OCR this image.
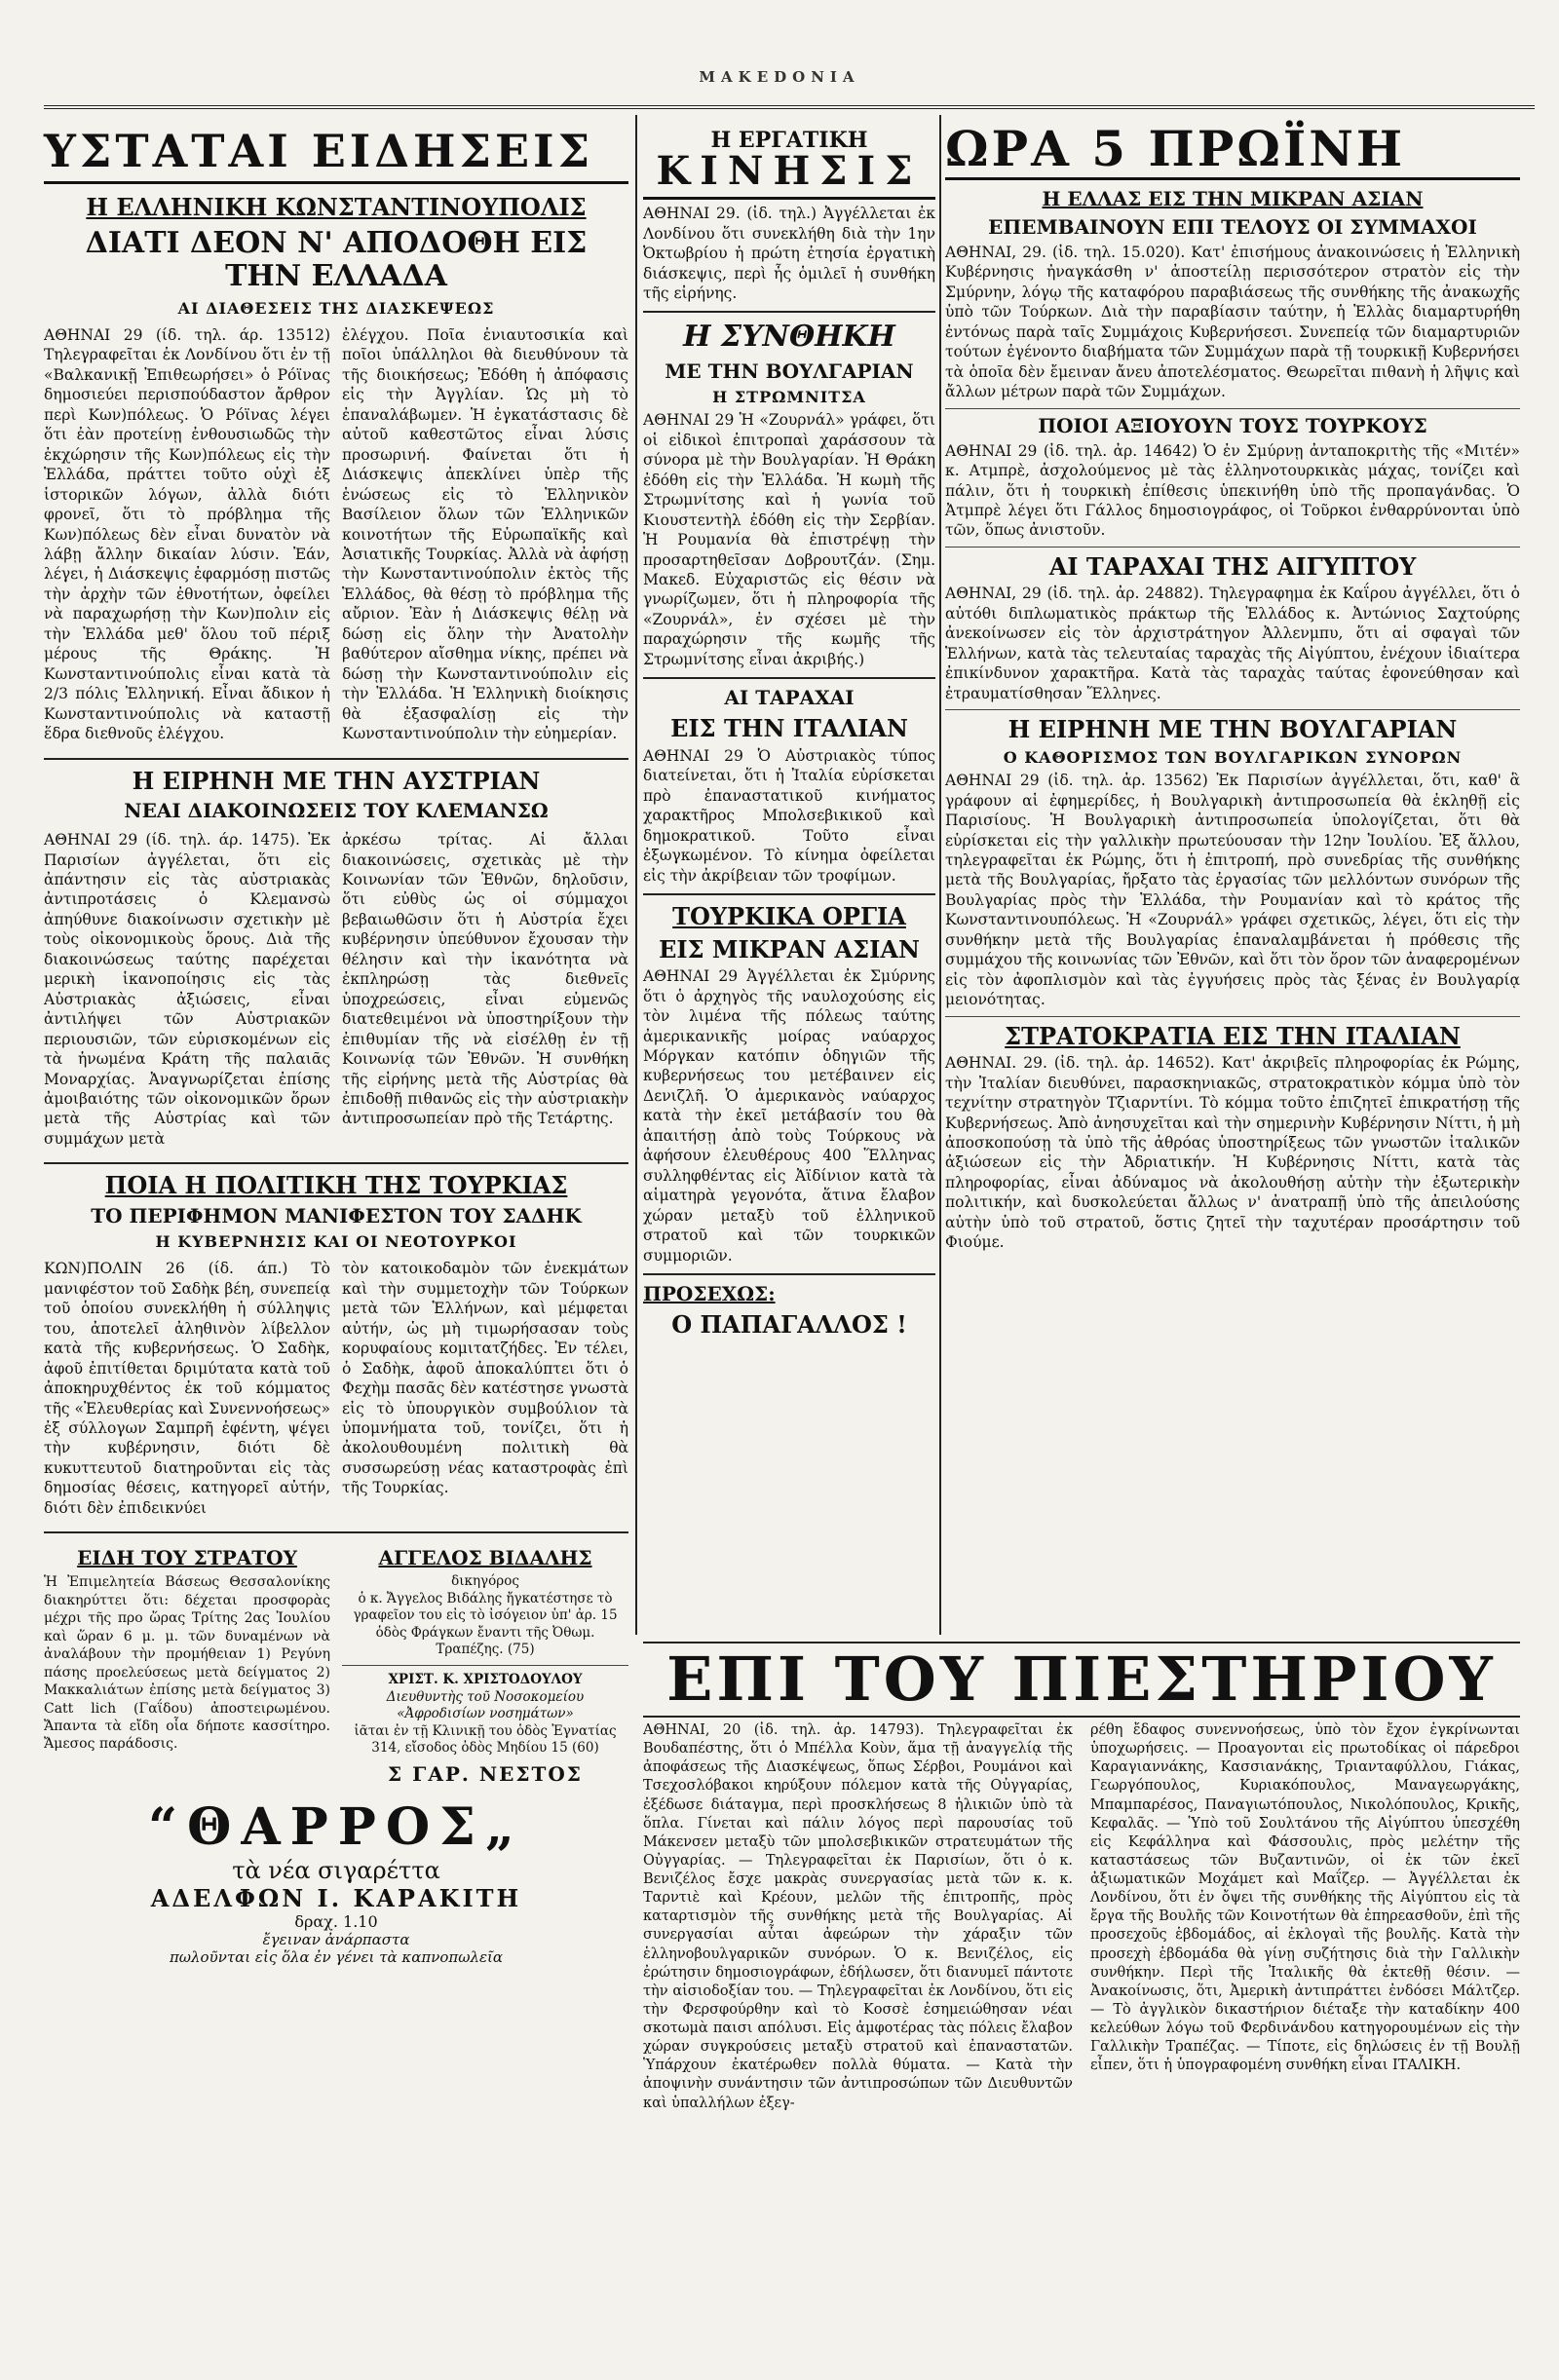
MAKEDONIA
ΥΣΤΑΤΑΙ ΕΙΔΗΣΕΙΣ
Η ΕΛΛΗΝΙΚΗ ΚΩΝΣΤΑΝΤΙΝΟΥΠΟΛΙΣ
ΔΙΑΤΙ ΔΕΟΝ Ν' ΑΠΟΔΟΘΗ ΕΙΣ ΤΗΝ ΕΛΛΑΔΑ
ΑΙ ΔΙΑΘΕΣΕΙΣ ΤΗΣ ΔΙΑΣΚΕΨΕΩΣ
ΑΘΗΝΑΙ 29 (ίδ. τηλ. άρ. 13512) Τηλεγραφεῖται ἐκ Λονδίνου ὅτι ἐν τῇ «Βαλκανικῇ Ἐπιθεωρήσει» ὁ Ρόϊνας δημοσιεύει περισπούδαστον ἄρθρον περὶ Κων)πόλεως. Ὁ Ρόϊνας λέγει ὅτι ἐὰν προτείνῃ ἐνθουσιωδῶς τὴν ἐκχώρησιν τῆς Κων)πόλεως εἰς τὴν Ἑλλάδα, πράττει τοῦτο οὐχὶ ἐξ ἱστορικῶν λόγων, ἀλλὰ διότι φρονεῖ, ὅτι τὸ πρόβλημα τῆς Κων)πόλεως δὲν εἶναι δυνατὸν νὰ λάβῃ ἄλλην δικαίαν λύσιν. Ἐάν, λέγει, ἡ Διάσκεψις ἐφαρμόσῃ πιστῶς τὴν ἀρχὴν τῶν ἐθνοτήτων, ὀφείλει νὰ παραχωρήσῃ τὴν Κων)πολιν εἰς τὴν Ἑλλάδα μεθ' ὅλου τοῦ πέριξ μέρους τῆς Θράκης. Ἡ Κωνσταντινούπολις εἶναι κατὰ τὰ 2/3 πόλις Ἑλληνική. Εἶναι ἄδικον ἡ Κωνσταντινούπολις νὰ καταστῇ ἕδρα διεθνοῦς ἐλέγχου.
ἐλέγχου. Ποῖα ἐνιαυτοσικία καὶ ποῖοι ὑπάλληλοι θὰ διευθύνουν τὰ τῆς διοικήσεως; Ἐδόθη ἡ ἀπόφασις εἰς τὴν Ἀγγλίαν. Ὡς μὴ τὸ ἐπαναλάβωμεν. Ἡ ἐγκατάστασις δὲ αὐτοῦ καθεστῶτος εἶναι λύσις προσωρινή. Φαίνεται ὅτι ἡ Διάσκεψις ἀπεκλίνει ὑπὲρ τῆς ἑνώσεως εἰς τὸ Ἑλληνικὸν Βασίλειον ὅλων τῶν Ἑλληνικῶν κοινοτήτων τῆς Εὐρωπαϊκῆς καὶ Ἀσιατικῆς Τουρκίας. Ἀλλὰ νὰ ἀφήσῃ τὴν Κωνσταντινούπολιν ἐκτὸς τῆς Ἑλλάδος, θὰ θέσῃ τὸ πρόβλημα τῆς αὔριον. Ἐὰν ἡ Διάσκεψις θέλῃ νὰ δώσῃ εἰς ὅλην τὴν Ἀνατολὴν βαθύτερον αἴσθημα νίκης, πρέπει νὰ δώσῃ τὴν Κωνσταντινούπολιν εἰς τὴν Ἑλλάδα. Ἡ Ἑλληνικὴ διοίκησις θὰ ἐξασφαλίσῃ εἰς τὴν Κωνσταντινούπολιν τὴν εὐημερίαν.
Η ΕΙΡΗΝΗ ΜΕ ΤΗΝ ΑΥΣΤΡΙΑΝ
ΝΕΑΙ ΔΙΑΚΟΙΝΩΣΕΙΣ ΤΟΥ ΚΛΕΜΑΝΣΩ
ΑΘΗΝΑΙ 29 (ίδ. τηλ. άρ. 1475). Ἐκ Παρισίων ἀγγέλεται, ὅτι εἰς ἀπάντησιν εἰς τὰς αὐστριακὰς ἀντιπροτάσεις ὁ Κλεμανσὼ ἀπηύθυνε διακοίνωσιν σχετικὴν μὲ τοὺς οἰκονομικοὺς ὅρους. Διὰ τῆς διακοινώσεως ταύτης παρέχεται μερικὴ ἱκανοποίησις εἰς τὰς Αὐστριακὰς ἀξιώσεις, εἶναι ἀντιλήψει τῶν Αὐστριακῶν περιουσιῶν, τῶν εὑρισκομένων εἰς τὰ ἡνωμένα Κράτη τῆς παλαιᾶς Μοναρχίας. Ἀναγνωρίζεται ἐπίσης ἀμοιβαιότης τῶν οἰκονομικῶν ὅρων μετὰ τῆς Αὐστρίας καὶ τῶν συμμάχων μετὰ
ἀρκέσω τρίτας. Αἱ ἄλλαι διακοινώσεις, σχετικὰς μὲ τὴν Κοινωνίαν τῶν Ἐθνῶν, δηλοῦσιν, ὅτι εὐθὺς ὡς οἱ σύμμαχοι βεβαιωθῶσιν ὅτι ἡ Αὐστρία ἔχει κυβέρνησιν ὑπεύθυνον ἔχουσαν τὴν θέλησιν καὶ τὴν ἱκανότητα νὰ ἐκπληρώσῃ τὰς διεθνεῖς ὑποχρεώσεις, εἶναι εὐμενῶς διατεθειμένοι νὰ ὑποστηρίξουν τὴν ἐπιθυμίαν τῆς νὰ εἰσέλθῃ ἐν τῇ Κοινωνίᾳ τῶν Ἐθνῶν. Ἡ συνθήκη τῆς εἰρήνης μετὰ τῆς Αὐστρίας θὰ ἐπιδοθῇ πιθανῶς εἰς τὴν αὐστριακὴν ἀντιπροσωπείαν πρὸ τῆς Τετάρτης.
ΠΟΙΑ Η ΠΟΛΙΤΙΚΗ ΤΗΣ ΤΟΥΡΚΙΑΣ
ΤΟ ΠΕΡΙΦΗΜΟΝ ΜΑΝΙΦΕΣΤΟΝ ΤΟΥ ΣΑΔΗΚ
Η ΚΥΒΕΡΝΗΣΙΣ ΚΑΙ ΟΙ ΝΕΟΤΟΥΡΚΟΙ
ΚΩΝ)ΠΟΛΙΝ 26 (ίδ. άπ.) Τὸ μανιφέστον τοῦ Σαδὴκ βέη, συνεπείᾳ τοῦ ὁποίου συνεκλήθη ἡ σύλληψις του, ἀποτελεῖ ἀληθινὸν λίβελλον κατὰ τῆς κυβερνήσεως. Ὁ Σαδὴκ, ἀφοῦ ἐπιτίθεται δριμύτατα κατὰ τοῦ ἀποκηρυχθέντος ἐκ τοῦ κόμματος τῆς «Ἐλευθερίας καὶ Συνεννοήσεως» ἐξ σύλλογων Σαμπρῆ ἐφέντη, ψέγει τὴν κυβέρνησιν, διότι δὲ κυκυττευτοῦ διατηροῦνται εἰς τὰς δημοσίας θέσεις, κατηγορεῖ αὐτήν, διότι δὲν ἐπιδεικνύει
τὸν κατοικοδαμὸν τῶν ἐνεκμάτων καὶ τὴν συμμετοχὴν τῶν Τούρκων μετὰ τῶν Ἑλλήνων, καὶ μέμφεται αὐτήν, ὡς μὴ τιμωρήσασαν τοὺς κορυφαίους κομιτατζήδες. Ἐν τέλει, ὁ Σαδὴκ, ἀφοῦ ἀποκαλύπτει ὅτι ὁ Φεχὴμ πασᾶς δὲν κατέστησε γνωστὰ εἰς τὸ ὑπουργικὸν συμβούλιον τὰ ὑπομνήματα τοῦ, τονίζει, ὅτι ἡ ἀκολουθουμένη πολιτικὴ θὰ συσσωρεύσῃ νέας καταστροφὰς ἐπὶ τῆς Τουρκίας.
ΕΙΔΗ ΤΟΥ ΣΤΡΑΤΟΥ
Ἡ Ἐπιμελητεία Βάσεως Θεσσαλονίκης διακηρύττει ὅτι: δέχεται προσφορὰς μέχρι τῆς προ ὥρας Τρίτης 2ας Ἰουλίου καὶ ὥραν 6 μ. μ. τῶν δυναμένων νὰ ἀναλάβουν τὴν προμήθειαν 1) Ρεγύνη πάσης προελεύσεως μετὰ δείγματος 2) Μακκαλιάτων ἐπίσης μετὰ δείγματος 3) Catt lich (Γαΐδου) ἀποστειρωμένου. Ἄπαντα τὰ εἴδη οἷα δήποτε κασσίτηρο. Ἄμεσος παράδοσις.
ΑΓΓΕΛΟΣ ΒΙΔΑΛΗΣ
δικηγόρος
ὁ κ. Ἄγγελος Βιδάλης ἤγκατέστησε τὸ γραφεῖον του εἰς τὸ ἰσόγειον ὑπ' ἀρ. 15 ὁδὸς Φράγκων ἔναντι τῆς Ὀθωμ. Τραπέζης. (75)
ΧΡΙΣΤ. Κ. ΧΡΙΣΤΟΔΟΥΛΟΥ
Διευθυντὴς τοῦ Νοσοκομείου «Ἀφροδισίων νοσημάτων»
ἰᾶται ἐν τῇ Κλινικῇ του ὁδὸς Ἐγνατίας 314, εἴσοδος ὁδὸς Μηδίου 15 (60)
Σ ΓΑΡ. ΝΕΣΤΟΣ
“ΘΑΡΡΟΣ„
τὰ νέα σιγαρέττα
ΑΔΕΛΦΩΝ Ι. ΚΑΡΑΚΙΤΗ
δραχ. 1.10
ἔγειναν ἀνάρπαστα
πωλοῦνται εἰς ὅλα ἐν γένει τὰ καπνοπωλεῖα
Η ΕΡΓΑΤΙΚΗ
ΚΙΝΗΣΙΣ
ΑΘΗΝΑΙ 29. (ἰδ. τηλ.) Ἀγγέλλεται ἐκ Λονδίνου ὅτι συνεκλήθη διὰ τὴν 1ην Ὀκτωβρίου ἡ πρώτη ἐτησία ἐργατικὴ διάσκεψις, περὶ ἧς ὁμιλεῖ ἡ συνθήκη τῆς εἰρήνης.
Η ΣΥΝΘΗΚΗ
ΜΕ ΤΗΝ ΒΟΥΛΓΑΡΙΑΝ
Η ΣΤΡΩΜΝΙΤΣΑ
ΑΘΗΝΑΙ 29 Ἡ «Ζουρνάλ» γράφει, ὅτι οἱ εἰδικοὶ ἐπιτροπαὶ χαράσσουν τὰ σύνορα μὲ τὴν Βουλγαρίαν. Ἡ Θράκη ἐδόθη εἰς τὴν Ἑλλάδα. Ἡ κωμὴ τῆς Στρωμνίτσης καὶ ἡ γωνία τοῦ Κιουστεντὴλ ἐδόθη εἰς τὴν Σερβίαν. Ἡ Ρουμανία θὰ ἐπιστρέψῃ τὴν προσαρτηθεῖσαν Δοβρουτζάν. (Σημ. Μακεδ. Εὐχαριστῶς εἰς θέσιν νὰ γνωρίζωμεν, ὅτι ἡ πληροφορία τῆς «Ζουρνάλ», ἐν σχέσει μὲ τὴν παραχώρησιν τῆς κωμῆς τῆς Στρωμνίτσης εἶναι ἀκριβής.)
ΑΙ ΤΑΡΑΧΑΙ
ΕΙΣ ΤΗΝ ΙΤΑΛΙΑΝ
ΑΘΗΝΑΙ 29 Ὁ Αὐστριακὸς τύπος διατείνεται, ὅτι ἡ Ἰταλία εὑρίσκεται πρὸ ἐπαναστατικοῦ κινήματος χαρακτῆρος Μπολσεβικικοῦ καὶ δημοκρατικοῦ. Τοῦτο εἶναι ἐξωγκωμένον. Τὸ κίνημα ὀφείλεται εἰς τὴν ἀκρίβειαν τῶν τροφίμων.
ΤΟΥΡΚΙΚΑ ΟΡΓΙΑ
ΕΙΣ ΜΙΚΡΑΝ ΑΣΙΑΝ
ΑΘΗΝΑΙ 29 Ἀγγέλλεται ἐκ Σμύρνης ὅτι ὁ ἀρχηγὸς τῆς ναυλοχούσης εἰς τὸν λιμένα τῆς πόλεως ταύτης ἀμερικανικῆς μοίρας ναύαρχος Μόργκαν κατόπιν ὁδηγιῶν τῆς κυβερνήσεως του μετέβαινεν εἰς Δενιζλῆ. Ὁ ἀμερικανὸς ναύαρχος κατὰ τὴν ἐκεῖ μετάβασίν του θὰ ἀπαιτήσῃ ἀπὸ τοὺς Τούρκους νὰ ἀφήσουν ἐλευθέρους 400 Ἕλληνας συλληφθέντας εἰς Ἀϊδίνιον κατὰ τὰ αἱματηρὰ γεγονότα, ἅτινα ἔλαβον χώραν μεταξὺ τοῦ ἑλληνικοῦ στρατοῦ καὶ τῶν τουρκικῶν συμμοριῶν.
ΠΡΟΣΕΧΩΣ:
Ο ΠΑΠΑΓΑΛΛΟΣ !
ΩΡΑ 5 ΠΡΩΪΝΗ
Η ΕΛΛΑΣ ΕΙΣ ΤΗΝ ΜΙΚΡΑΝ ΑΣΙΑΝ
ΕΠΕΜΒΑΙΝΟΥΝ ΕΠΙ ΤΕΛΟΥΣ ΟΙ ΣΥΜΜΑΧΟΙ
ΑΘΗΝΑΙ, 29. (ἰδ. τηλ. 15.020). Κατ' ἐπισήμους ἀνακοινώσεις ἡ Ἑλληνικὴ Κυβέρνησις ἠναγκάσθη ν' ἀποστείλῃ περισσότερον στρατὸν εἰς τὴν Σμύρνην, λόγῳ τῆς καταφόρου παραβιάσεως τῆς συνθήκης τῆς ἀνακωχῆς ὑπὸ τῶν Τούρκων. Διὰ τὴν παραβίασιν ταύτην, ἡ Ἑλλὰς διαμαρτυρήθη ἐντόνως παρὰ ταῖς Συμμάχοις Κυβερνήσεσι. Συνεπείᾳ τῶν διαμαρτυριῶν τούτων ἐγένοντο διαβήματα τῶν Συμμάχων παρὰ τῇ τουρκικῇ Κυβερνήσει τὰ ὁποῖα δὲν ἔμειναν ἄνευ ἀποτελέσματος. Θεωρεῖται πιθανὴ ἡ λῆψις καὶ ἄλλων μέτρων παρὰ τῶν Συμμάχων.
ΠΟΙΟΙ ΑΞΙΟΥΟΥΝ ΤΟΥΣ ΤΟΥΡΚΟΥΣ
ΑΘΗΝΑΙ 29 (ἰδ. τηλ. ἀρ. 14642) Ὁ ἐν Σμύρνῃ ἀνταποκριτὴς τῆς «Μιτέν» κ. Ατμπρὲ, ἀσχολούμενος μὲ τὰς ἑλληνοτουρκικὰς μάχας, τονίζει καὶ πάλιν, ὅτι ἡ τουρκικὴ ἐπίθεσις ὑπεκινήθη ὑπὸ τῆς προπαγάνδας. Ὁ Ἀτμπρὲ λέγει ὅτι Γάλλος δημοσιογράφος, οἱ Τοῦρκοι ἐνθαρρύνονται ὑπὸ τῶν, ὅπως ἀνιστοῦν.
ΑΙ ΤΑΡΑΧΑΙ ΤΗΣ ΑΙΓΥΠΤΟΥ
ΑΘΗΝΑΙ, 29 (ἰδ. τηλ. ἀρ. 24882). Τηλεγραφημα ἐκ Καΐρου ἀγγέλλει, ὅτι ὁ αὐτόθι διπλωματικὸς πράκτωρ τῆς Ἑλλάδος κ. Ἀντώνιος Σαχτούρης ἀνεκοίνωσεν εἰς τὸν ἀρχιστράτηγον Ἀλλενμπυ, ὅτι αἱ σφαγαὶ τῶν Ἑλλήνων, κατὰ τὰς τελευταίας ταραχὰς τῆς Αἰγύπτου, ἐνέχουν ἰδιαίτερα ἐπικίνδυνον χαρακτῆρα. Κατὰ τὰς ταραχὰς ταύτας ἐφονεύθησαν καὶ ἐτραυματίσθησαν Ἕλληνες.
Η ΕΙΡΗΝΗ ΜΕ ΤΗΝ ΒΟΥΛΓΑΡΙΑΝ
Ο ΚΑΘΟΡΙΣΜΟΣ ΤΩΝ ΒΟΥΛΓΑΡΙΚΩΝ ΣΥΝΟΡΩΝ
ΑΘΗΝΑΙ 29 (ἰδ. τηλ. ἀρ. 13562) Ἐκ Παρισίων ἀγγέλλεται, ὅτι, καθ' ἃ γράφουν αἱ ἐφημερίδες, ἡ Βουλγαρικὴ ἀντιπροσωπεία θὰ ἐκληθῇ εἰς Παρισίους. Ἡ Βουλγαρικὴ ἀντιπροσωπεία ὑπολογίζεται, ὅτι θὰ εὑρίσκεται εἰς τὴν γαλλικὴν πρωτεύουσαν τὴν 12ην Ἰουλίου. Ἐξ ἄλλου, τηλεγραφεῖται ἐκ Ρώμης, ὅτι ἡ ἐπιτροπή, πρὸ συνεδρίας τῆς συνθήκης μετὰ τῆς Βουλγαρίας, ἤρξατο τὰς ἐργασίας τῶν μελλόντων συνόρων τῆς Βουλγαρίας πρὸς τὴν Ἑλλάδα, τὴν Ρουμανίαν καὶ τὸ κράτος τῆς Κωνσταντινουπόλεως. Ἡ «Ζουρνάλ» γράφει σχετικῶς, λέγει, ὅτι εἰς τὴν συνθήκην μετὰ τῆς Βουλγαρίας ἐπαναλαμβάνεται ἡ πρόθεσις τῆς συμμάχου τῆς κοινωνίας τῶν Ἐθνῶν, καὶ ὅτι τὸν ὅρον τῶν ἀναφερομένων εἰς τὸν ἀφοπλισμὸν καὶ τὰς ἐγγυήσεις πρὸς τὰς ξένας ἐν Βουλγαρίᾳ μειονότητας.
ΣΤΡΑΤΟΚΡΑΤΙΑ ΕΙΣ ΤΗΝ ΙΤΑΛΙΑΝ
ΑΘΗΝΑΙ. 29. (ἰδ. τηλ. ἀρ. 14652). Κατ' ἀκριβεῖς πληροφορίας ἐκ Ρώμης, τὴν Ἰταλίαν διευθύνει, παρασκηνιακῶς, στρατοκρατικὸν κόμμα ὑπὸ τὸν τεχνίτην στρατηγὸν Τζιαρντίνι. Τὸ κόμμα τοῦτο ἐπιζητεῖ ἐπικρατήσῃ τῆς Κυβερνήσεως. Ἀπὸ ἀνησυχεῖται καὶ τὴν σημερινὴν Κυβέρνησιν Νίττι, ἡ μὴ ἀποσκοπούσῃ τὰ ὑπὸ τῆς ἀθρόας ὑποστηρίξεως τῶν γνωστῶν ἰταλικῶν ἀξιώσεων εἰς τὴν Ἀδριατικήν. Ἡ Κυβέρνησις Νίττι, κατὰ τὰς πληροφορίας, εἶναι ἀδύναμος νὰ ἀκολουθήσῃ αὐτὴν τὴν ἐξωτερικὴν πολιτικήν, καὶ δυσκολεύεται ἄλλως ν' ἀνατραπῇ ὑπὸ τῆς ἀπειλούσης αὐτὴν ὑπὸ τοῦ στρατοῦ, ὅστις ζητεῖ τὴν ταχυτέραν προσάρτησιν τοῦ Φιούμε.
ΕΠΙ ΤΟΥ ΠΙΕΣΤΗΡΙΟΥ
ΑΘΗΝΑΙ, 20 (ἰδ. τηλ. ἀρ. 14793). Τηλεγραφεῖται ἐκ Βουδαπέστης, ὅτι ὁ Μπέλλα Κοὺν, ἅμα τῇ ἀναγγελίᾳ τῆς ἀποφάσεως τῆς Διασκέψεως, ὅπως Σέρβοι, Ρουμάνοι καὶ Τσεχοσλόβακοι κηρύξουν πόλεμον κατὰ τῆς Οὐγγαρίας, ἐξέδωσε διάταγμα, περὶ προσκλήσεως 8 ἡλικιῶν ὑπὸ τὰ ὅπλα. Γίνεται καὶ πάλιν λόγος περὶ παρουσίας τοῦ Μάκενσεν μεταξὺ τῶν μπολσεβικικῶν στρατευμάτων τῆς Οὐγγαρίας. — Τηλεγραφεῖται ἐκ Παρισίων, ὅτι ὁ κ. Βενιζέλος ἔσχε μακρὰς συνεργασίας μετὰ τῶν κ. κ. Ταρντιὲ καὶ Κρέουν, μελῶν τῆς ἐπιτροπῆς, πρὸς καταρτισμὸν τῆς συνθήκης μετὰ τῆς Βουλγαρίας. Αἱ συνεργασίαι αὗται ἀφεώρων τὴν χάραξιν τῶν ἑλληνοβουλγαρικῶν συνόρων. Ὁ κ. Βενιζέλος, εἰς ἐρώτησιν δημοσιογράφων, ἐδήλωσεν, ὅτι διανυμεῖ πάντοτε τὴν αἰσιοδοξίαν του. — Τηλεγραφεῖται ἐκ Λονδίνου, ὅτι εἰς τὴν Φερσφούρθην καὶ τὸ Κοσσὲ ἐσημειώθησαν νέαι σκοτωμὰ παισι απόλυσι. Εἰς ἀμφοτέρας τὰς πόλεις ἔλαβον χώραν συγκρούσεις μεταξὺ στρατοῦ καὶ ἐπαναστατῶν. Ὑπάρχουν ἐκατέρωθεν πολλὰ θύματα. — Κατὰ τὴν ἀποψινὴν συνάντησιν τῶν ἀντιπροσώπων τῶν Διευθυντῶν καὶ ὑπαλλήλων ἐξεγ-
ρέθη ἔδαφος συνεννοήσεως, ὑπὸ τὸν ἔχον ἐγκρίνωνται ὑποχωρήσεις. — Προαγονται εἰς πρωτοδίκας οἱ πάρεδροι Καραγιαννάκης, Κασσιανάκης, Τριανταφύλλου, Γιάκας, Γεωργόπουλος, Κυριακόπουλος, Μαναγεωργάκης, Μπαμπαρέσος, Παναγιωτόπουλος, Νικολόπουλος, Κρικῆς, Κεφαλᾶς. — Ὑπὸ τοῦ Σουλτάνου τῆς Αἰγύπτου ὑπεσχέθη εἰς Κεφάλληνα καὶ Φάσσουλις, πρὸς μελέτην τῆς καταστάσεως τῶν Βυζαντινῶν, οἱ ἐκ τῶν ἐκεῖ ἀξιωματικῶν Μοχάμετ καὶ Μαΐζερ. — Ἀγγέλλεται ἐκ Λονδίνου, ὅτι ἐν ὄψει τῆς συνθήκης τῆς Αἰγύπτου εἰς τὰ ἔργα τῆς Βουλῆς τῶν Κοινοτήτων θὰ ἐπηρεασθοῦν, ἐπὶ τῆς προσεχοῦς ἑβδομάδος, αἱ ἐκλογαὶ τῆς βουλῆς. Κατὰ τὴν προσεχὴ ἑβδομάδα θὰ γίνῃ συζήτησις διὰ τὴν Γαλλικὴν συνθήκην. Περὶ τῆς Ἰταλικῆς θὰ ἐκτεθῇ θέσιν. — Ἀνακοίνωσις, ὅτι, Ἀμερικὴ ἀντιπράττει ἐνδόσει Μάλτζερ. — Τὸ ἀγγλικὸν δικαστήριον διέταξε τὴν καταδίκην 400 κελεύθων λόγω τοῦ Φερδινάνδου κατηγορουμένων εἰς τὴν Γαλλικὴν Τραπέζας. — Τίποτε, εἰς δηλώσεις ἐν τῇ Βουλῇ εἶπεν, ὅτι ἡ ὑπογραφομένη συνθήκη εἶναι ΙΤΑΛΙΚΗ.
